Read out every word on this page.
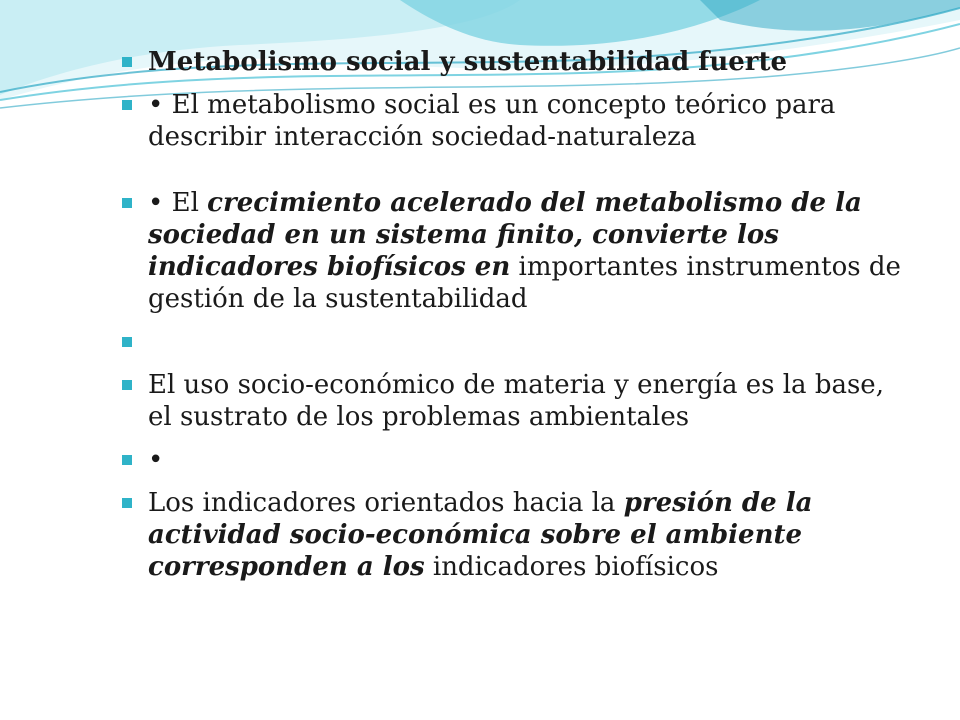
Metabolismo social y sustentabilidad fuerte
• El metabolismo social es un concepto teórico para describir interacción sociedad-naturaleza
• El crecimiento acelerado del metabolismo de la sociedad en un sistema finito, convierte los indicadores biofísicos en importantes instrumentos de gestión de la sustentabilidad

El uso socio-económico de materia y energía es la base, el sustrato de los problemas ambientales
•
Los indicadores orientados hacia la presión de la actividad socio-económica sobre el ambiente corresponden a los indicadores biofísicos
